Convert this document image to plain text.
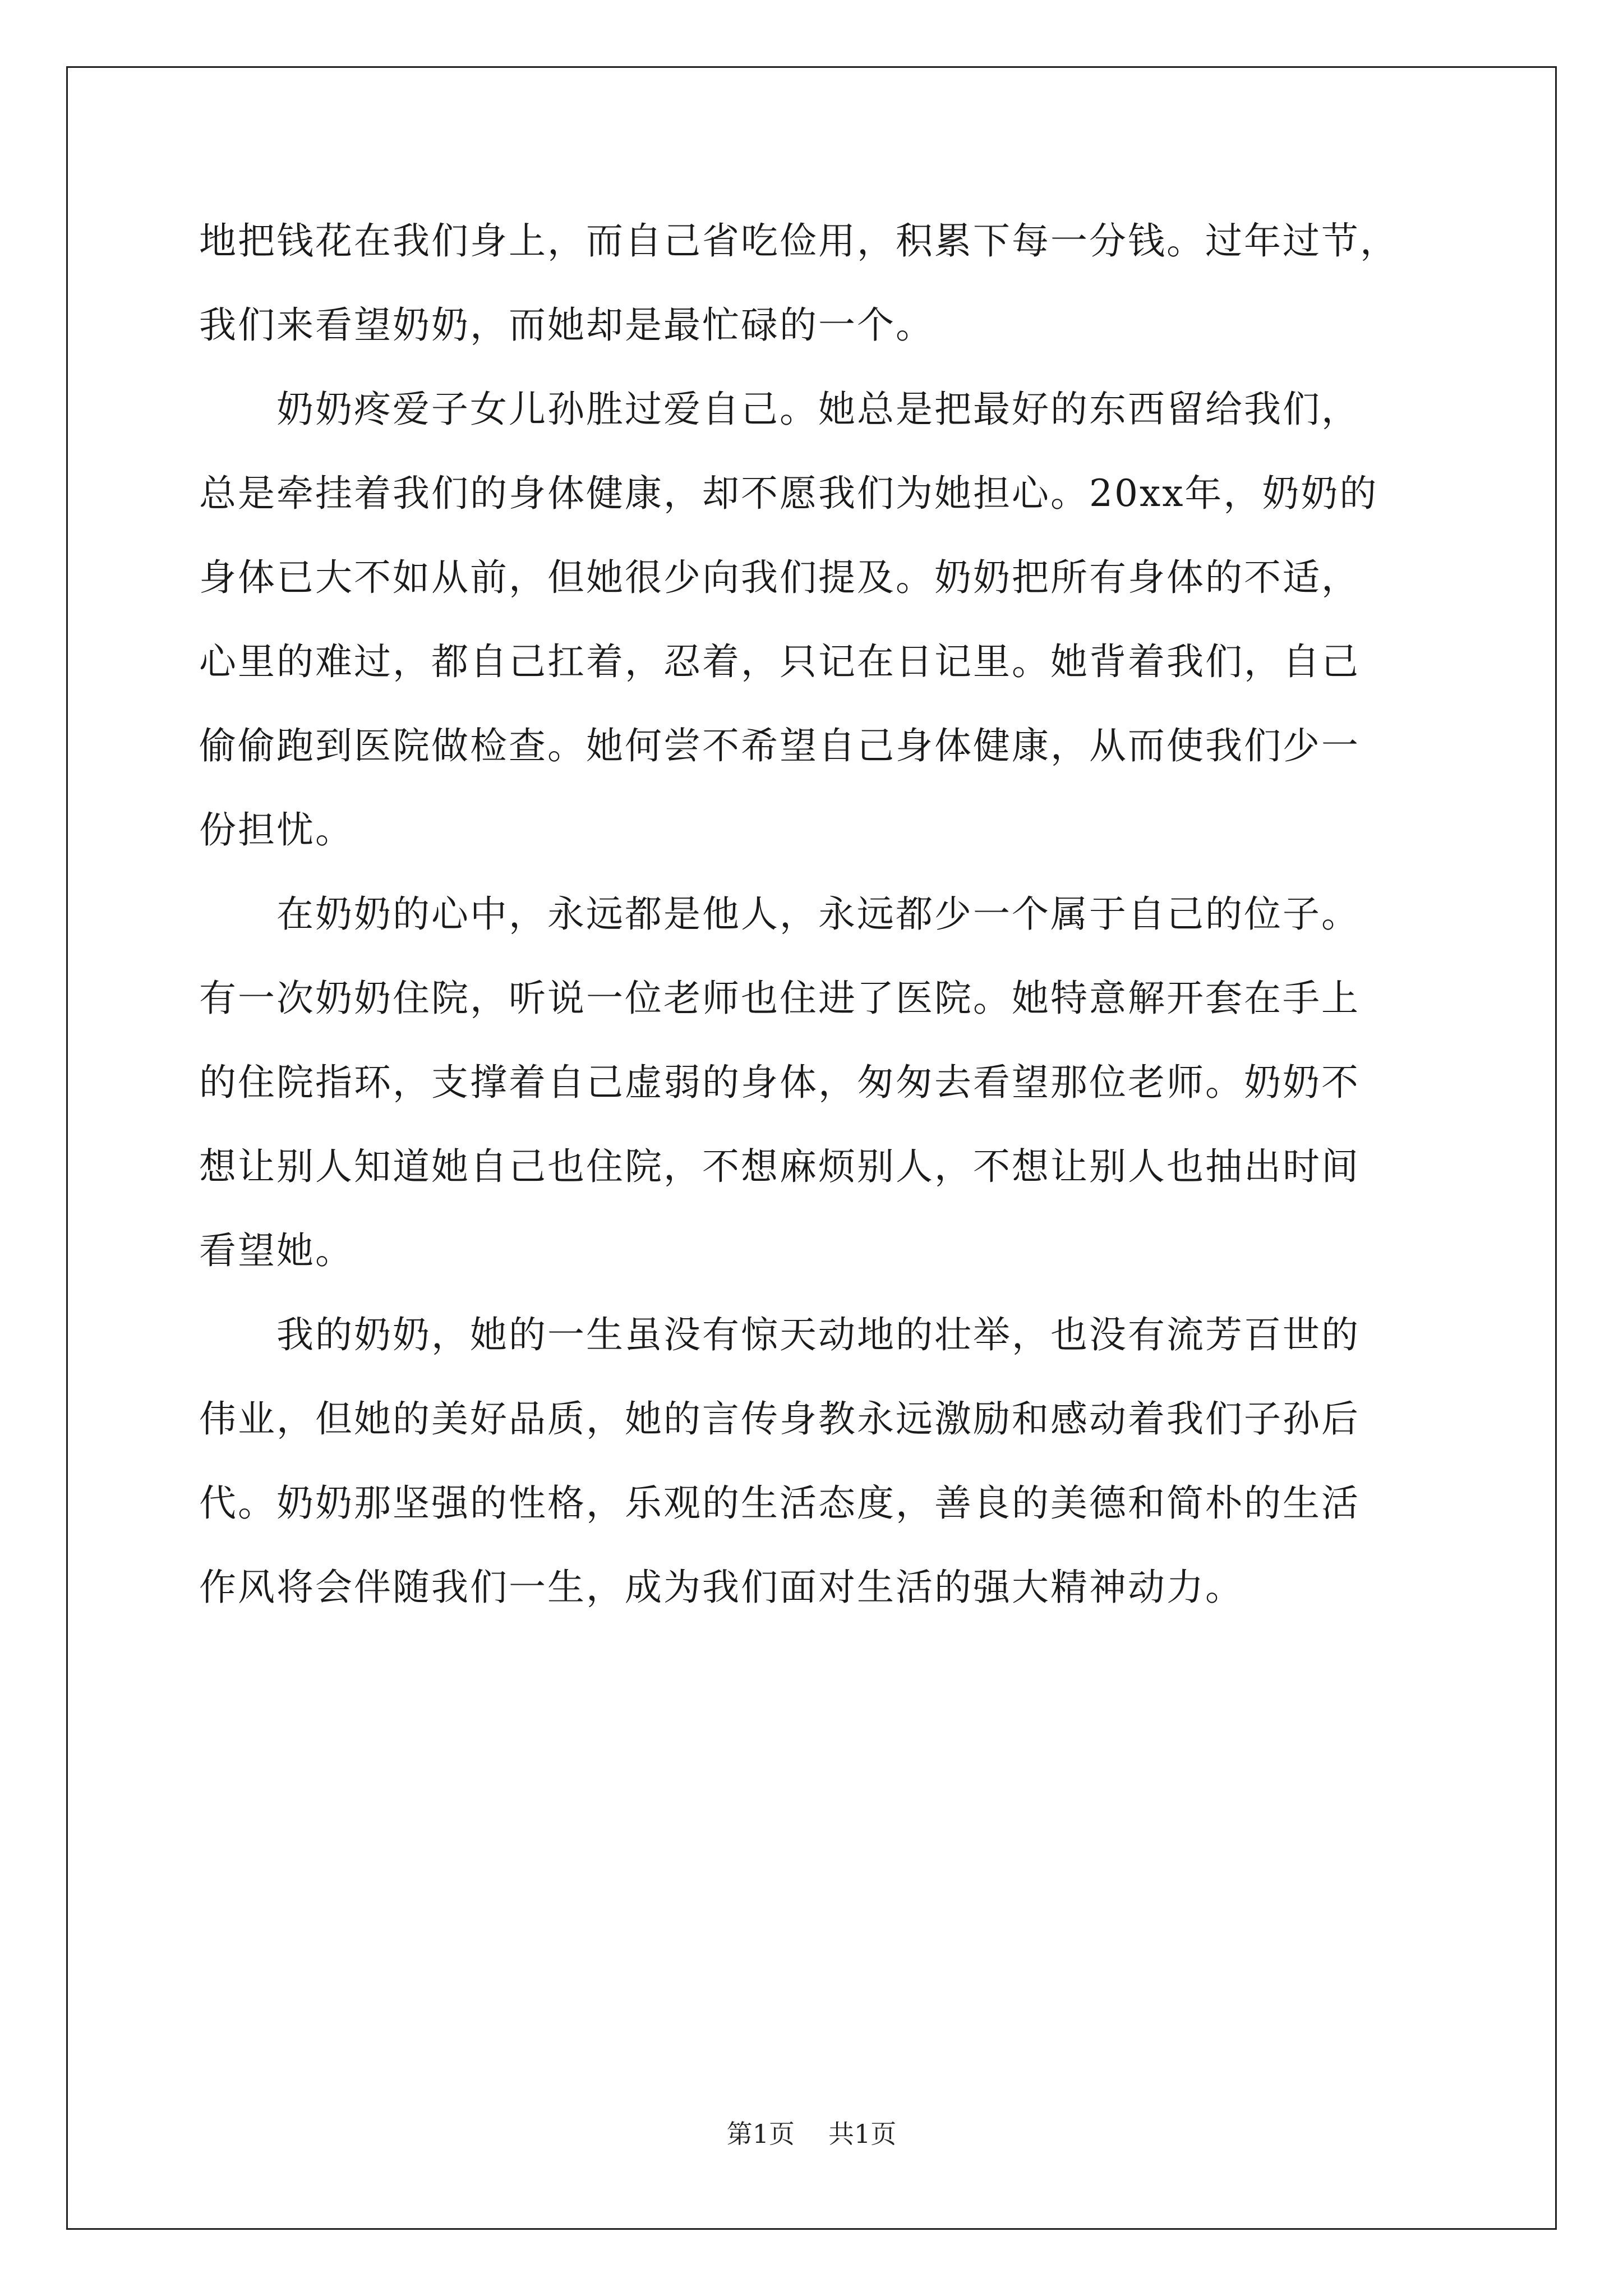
地把钱花在我们身上，而自己省吃俭用，积累下每一分钱。过年过节，
我们来看望奶奶，而她却是最忙碌的一个。
奶奶疼爱子女儿孙胜过爱自己。她总是把最好的东西留给我们，
总是牵挂着我们的身体健康，却不愿我们为她担心。20xx年，奶奶的
身体已大不如从前，但她很少向我们提及。奶奶把所有身体的不适，
心里的难过，都自己扛着，忍着，只记在日记里。她背着我们，自己
偷偷跑到医院做检查。她何尝不希望自己身体健康，从而使我们少一
份担忧。
在奶奶的心中，永远都是他人，永远都少一个属于自己的位子。
有一次奶奶住院，听说一位老师也住进了医院。她特意解开套在手上
的住院指环，支撑着自己虚弱的身体，匆匆去看望那位老师。奶奶不
想让别人知道她自己也住院，不想麻烦别人，不想让别人也抽出时间
看望她。
我的奶奶，她的一生虽没有惊天动地的壮举，也没有流芳百世的
伟业，但她的美好品质，她的言传身教永远激励和感动着我们子孙后
代。奶奶那坚强的性格，乐观的生活态度，善良的美德和简朴的生活
作风将会伴随我们一生，成为我们面对生活的强大精神动力。
第1页 共1页
